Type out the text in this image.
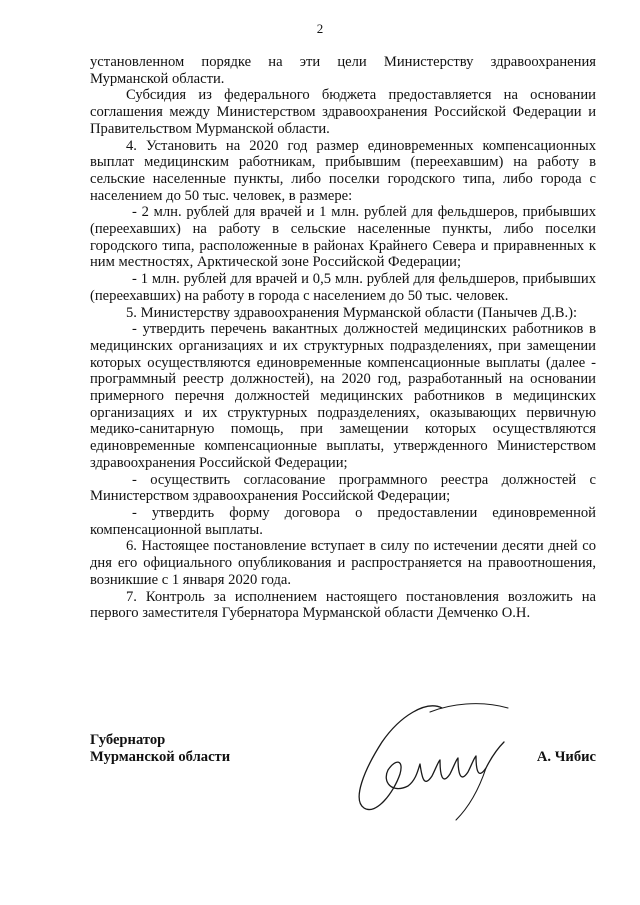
2

установленном порядке на эти цели Министерству здравоохранения Мурманской области.

Субсидия из федерального бюджета предоставляется на основании соглашения между Министерством здравоохранения Российской Федерации и Правительством Мурманской области.

4. Установить на 2020 год размер единовременных компенсационных выплат медицинским работникам, прибывшим (переехавшим) на работу в сельские населенные пункты, либо поселки городского типа, либо города с населением до 50 тыс. человек, в размере:

- 2 млн. рублей для врачей и 1 млн. рублей для фельдшеров, прибывших (переехавших) на работу в сельские населенные пункты, либо поселки городского типа, расположенные в районах Крайнего Севера и приравненных к ним местностях, Арктической зоне Российской Федерации;

- 1 млн. рублей для врачей и 0,5 млн. рублей для фельдшеров, прибывших (переехавших) на работу в города с населением до 50 тыс. человек.

5. Министерству здравоохранения Мурманской области (Панычев Д.В.):

- утвердить перечень вакантных должностей медицинских работников в медицинских организациях и их структурных подразделениях, при замещении которых осуществляются единовременные компенсационные выплаты (далее - программный реестр должностей), на 2020 год, разработанный на основании примерного перечня должностей медицинских работников в медицинских организациях и их структурных подразделениях, оказывающих первичную медико-санитарную помощь, при замещении которых осуществляются единовременные компенсационные выплаты, утвержденного Министерством здравоохранения Российской Федерации;

- осуществить согласование программного реестра должностей с Министерством здравоохранения Российской Федерации;

- утвердить форму договора о предоставлении единовременной компенсационной выплаты.

6. Настоящее постановление вступает в силу по истечении десяти дней со дня его официального опубликования и распространяется на правоотношения, возникшие с 1 января 2020 года.

7. Контроль за исполнением настоящего постановления возложить на первого заместителя Губернатора Мурманской области Демченко О.Н.

Губернатор
Мурманской области	А. Чибис
